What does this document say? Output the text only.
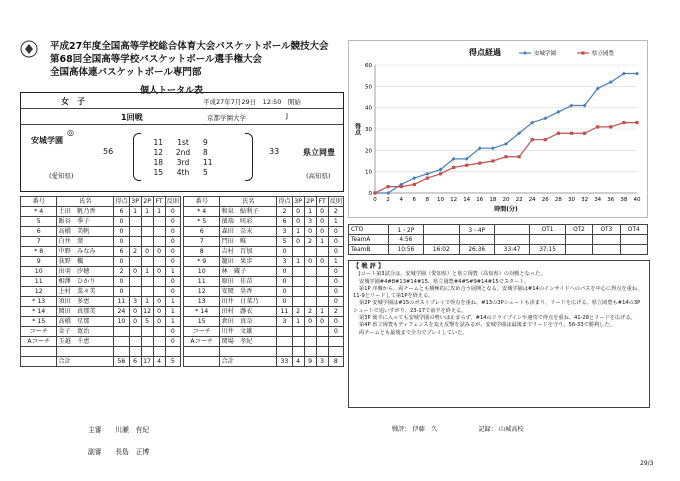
平成27年度全国高等学校総合体育大会バスケットボール競技大会
第68回全国高等学校バスケットボール選手権大会
全国高体連バスケットボール専門部
個人トータル表
女子	平成27年7月29日　12:50　開始
1回戦	京都学園大学	J
◎
安城学園
(愛知県)
56
11	1st	9
12	2nd	8
18	3rd	11
15	4th	5
33	県立岡豊
(高知県)
番号	氏名	得点	3P	2P	FT	反則		番号	氏名	得点	3P	2P	FT	反則
* 4	土田　帆乃香	6	1	1	1	0		* 4	和泉　鮎利子	2	0	1	0	2
5	飯谷　季子	0				0		* 5	濱端　咲彩	6	0	3	0	1
6	高橋　美帆	0				0		6	森田　奈未	3	1	0	0	0
7	白井　葉	0				0		7	門田　唯	5	0	2	1	0
* 8	中野　みなみ	6	2	0	0	0		8	吉村　百加	0				0
9	荻野　楓	0				0		* 9	籠田　果歩	3	1	0	0	1
10	出羽　汐穂	2	0	1	0	1		10	林　蔵子	0				0
11	相澤　ひかり	0				0		11	原田　佳苗	0				0
12	上村　菜々美	0				0		12	安岡　昊香	0				0
* 13	須田　多恵	11	3	1	0	1		13	田井　日菜乃	0				0
* 14	岡田　真那美	24	0	12	0	1		* 14	田村　瀞衣	11	2	2	1	2
* 15	高橋　星那	10	0	5	0	1		15	倉田　真奈	3	1	0	0	0
コーチ	金子　寛治					0		コーチ	川井　文雄					0
Aコーチ	玉越　千恵					0		Aコーチ	関場　孝紀					

	合計	56	6	17	4	5			合計	33	4	9	3	8
主審　　 川瀬　有紀
副審　　 長島　正博
得点経過
0
10
20
30
40
50
60
0 2 4 6 8 10 12 14 16 18 20 22 24 26 28 30 32 34 36 38 40
時間(分)
得点
安城学園	県立岡豊
CTO	1・2P		3・4P		OT1	OT2	OT3	OT4
TeamA	4:56							
TeamB	10:56	16:02	26:36	33:47	37:15			
【 戦 評 】

Jコート第3試合は、安城学園（愛知県）と県立岡豊（高知県）の対戦となった。

安城学園#4#8#13#14#15、県立岡豊#4#5#9#14#15でスタート。

第1P 序盤から、両チームとも積極的に攻め合う展開となる。安城学園は#14のインサイドへのパスを中心に得点を重ね、11-9とリードして第1Pを終える。

第2P 安城学園は#15のポストプレイで得点を重ね、#13の3Pシュートも決まり、リードを広げる。県立岡豊も#14の3Pシュートで追いすがり、23-17で前半を終える。

第3P 後半に入っても安城学園の勢いは止まらず、#14のドライブインや速攻で得点を重ね、41-28とリードを広げる。

第4P 県立岡豊もディフェンスを変え反撃を試みるが、安城学園は最後までリードを守り、56-33で勝利した。

両チームとも最後まで全力でプレイしていた。

戦評： 伊藤　久 　　　　　　	記録： 山城高校
29/3
